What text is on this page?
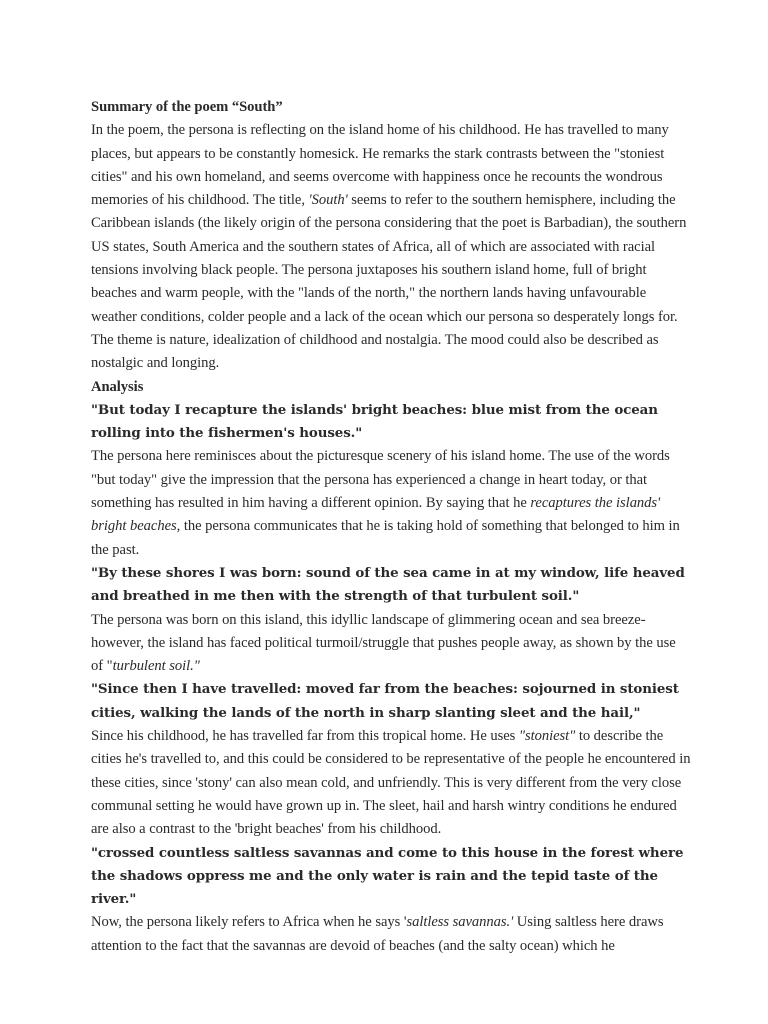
Summary of the poem “South”

In the poem, the persona is reflecting on the island home of his childhood. He has travelled to many places, but appears to be constantly homesick. He remarks the stark contrasts between the "stoniest cities" and his own homeland, and seems overcome with happiness once he recounts the wondrous memories of his childhood. The title, 'South' seems to refer to the southern hemisphere, including the Caribbean islands (the likely origin of the persona considering that the poet is Barbadian), the southern US states, South America and the southern states of Africa, all of which are associated with racial tensions involving black people. The persona juxtaposes his southern island home, full of bright beaches and warm people, with the "lands of the north," the northern lands having unfavourable weather conditions, colder people and a lack of the ocean which our persona so desperately longs for. The theme is nature, idealization of childhood and nostalgia. The mood could also be described as nostalgic and longing.

Analysis

"But today I recapture the islands' bright beaches: blue mist from the ocean rolling into the fishermen's houses."

The persona here reminisces about the picturesque scenery of his island home. The use of the words "but today" give the impression that the persona has experienced a change in heart today, or that something has resulted in him having a different opinion. By saying that he recaptures the islands' bright beaches, the persona communicates that he is taking hold of something that belonged to him in the past.

"By these shores I was born: sound of the sea came in at my window, life heaved and breathed in me then with the strength of that turbulent soil."

The persona was born on this island, this idyllic landscape of glimmering ocean and sea breeze- however, the island has faced political turmoil/struggle that pushes people away, as shown by the use of "turbulent soil."

"Since then I have travelled: moved far from the beaches: sojourned in stoniest cities, walking the lands of the north in sharp slanting sleet and the hail,"

Since his childhood, he has travelled far from this tropical home. He uses "stoniest" to describe the cities he's travelled to, and this could be considered to be representative of the people he encountered in these cities, since 'stony' can also mean cold, and unfriendly. This is very different from the very close communal setting he would have grown up in. The sleet, hail and harsh wintry conditions he endured are also a contrast to the 'bright beaches' from his childhood.

"crossed countless saltless savannas and come to this house in the forest where the shadows oppress me and the only water is rain and the tepid taste of the river."

Now, the persona likely refers to Africa when he says 'saltless savannas.' Using saltless here draws attention to the fact that the savannas are devoid of beaches (and the salty ocean) which he
